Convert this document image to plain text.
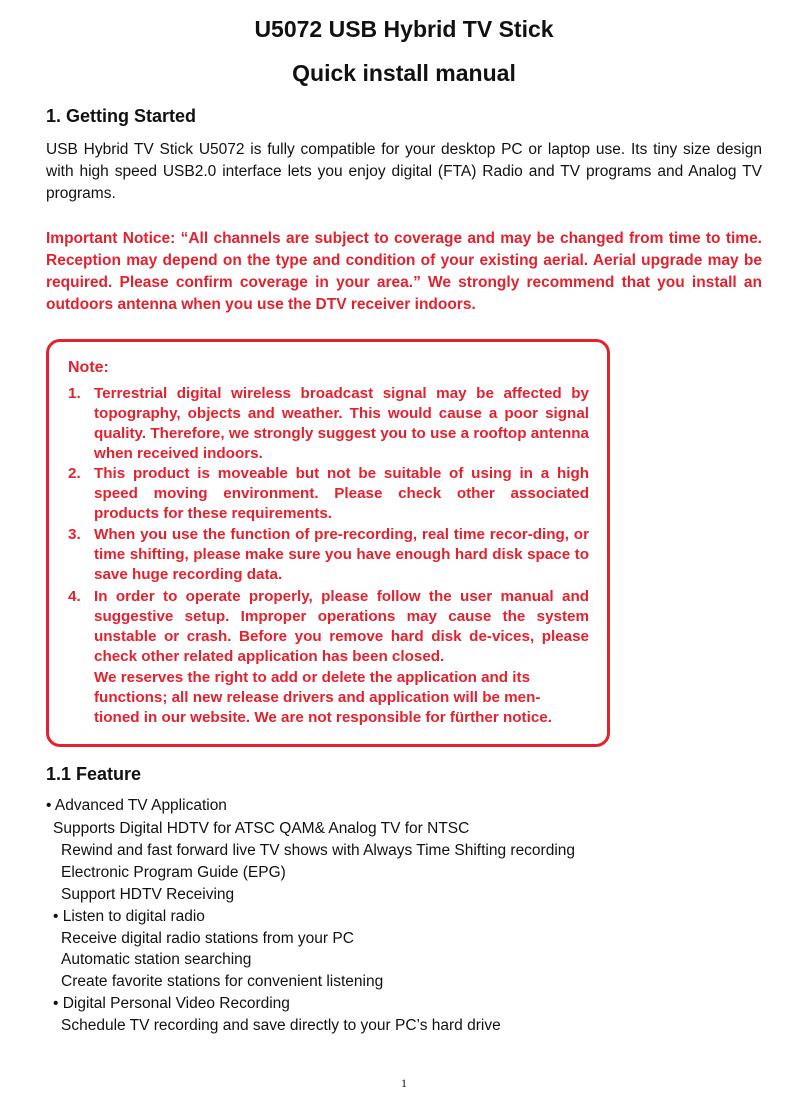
U5072 USB Hybrid TV Stick
Quick install manual
1. Getting Started
USB Hybrid TV Stick U5072 is fully compatible for your desktop PC or laptop use. Its tiny size design with high speed USB2.0 interface lets you enjoy digital (FTA) Radio and TV programs and Analog TV programs.
Important Notice: “All channels are subject to coverage and may be changed from time to time. Reception may depend on the type and condition of your existing aerial. Aerial upgrade may be required. Please confirm coverage in your area.” We strongly recommend that you install an outdoors antenna when you use the DTV receiver indoors.
Note:
1. Terrestrial digital wireless broadcast signal may be affected by topography, objects and weather. This would cause a poor signal quality. Therefore, we strongly suggest you to use a rooftop antenna when received indoors.
2. This product is moveable but not be suitable of using in a high speed moving environment. Please check other associated products for these requirements.
3. When you use the function of pre-recording, real time recor-ding, or time shifting, please make sure you have enough hard disk space to save huge recording data.
4. In order to operate properly, please follow the user manual and suggestive setup. Improper operations may cause the system unstable or crash. Before you remove hard disk de-vices, please check other related application has been closed.
We reserves the right to add or delete the application and its
functions; all new release drivers and application will be men-
tioned in our website. We are not responsible for fürther notice.
1.1 Feature
• Advanced TV Application
Supports Digital HDTV for ATSC QAM& Analog TV for NTSC
Rewind and fast forward live TV shows with Always Time Shifting recording
Electronic Program Guide (EPG)
Support HDTV Receiving
• Listen to digital radio
Receive digital radio stations from your PC
Automatic station searching
Create favorite stations for convenient listening
• Digital Personal Video Recording
Schedule TV recording and save directly to your PC’s hard drive
1
